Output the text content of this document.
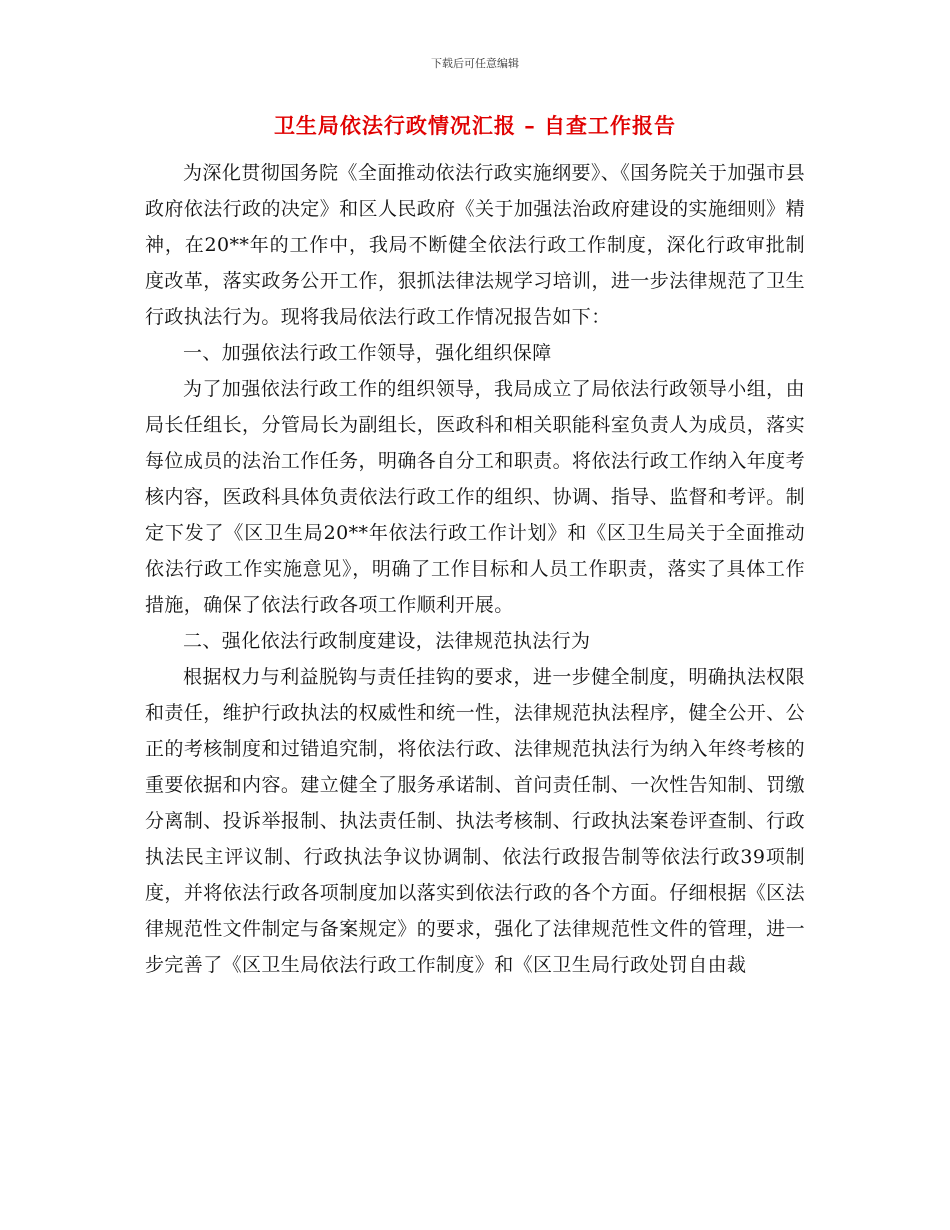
下载后可任意编辑
卫生局依法行政情况汇报 – 自查工作报告

为深化贯彻国务院《全面推动依法行政实施纲要》、《国务院关于加强市县政府依法行政的决定》和区人民政府《关于加强法治政府建设的实施细则》精神，在20**年的工作中，我局不断健全依法行政工作制度，深化行政审批制度改革，落实政务公开工作，狠抓法律法规学习培训，进一步法律规范了卫生行政执法行为。现将我局依法行政工作情况报告如下：

一、加强依法行政工作领导，强化组织保障

为了加强依法行政工作的组织领导，我局成立了局依法行政领导小组，由局长任组长，分管局长为副组长，医政科和相关职能科室负责人为成员，落实每位成员的法治工作任务，明确各自分工和职责。将依法行政工作纳入年度考核内容，医政科具体负责依法行政工作的组织、协调、指导、监督和考评。制定下发了《区卫生局20**年依法行政工作计划》和《区卫生局关于全面推动依法行政工作实施意见》，明确了工作目标和人员工作职责，落实了具体工作措施，确保了依法行政各项工作顺利开展。

二、强化依法行政制度建设，法律规范执法行为

根据权力与利益脱钩与责任挂钩的要求，进一步健全制度，明确执法权限和责任，维护行政执法的权威性和统一性，法律规范执法程序，健全公开、公正的考核制度和过错追究制，将依法行政、法律规范执法行为纳入年终考核的重要依据和内容。建立健全了服务承诺制、首问责任制、一次性告知制、罚缴分离制、投诉举报制、执法责任制、执法考核制、行政执法案卷评查制、行政执法民主评议制、行政执法争议协调制、依法行政报告制等依法行政39项制度，并将依法行政各项制度加以落实到依法行政的各个方面。仔细根据《区法律规范性文件制定与备案规定》的要求，强化了法律规范性文件的管理，进一步完善了《区卫生局依法行政工作制度》和《区卫生局行政处罚自由裁
